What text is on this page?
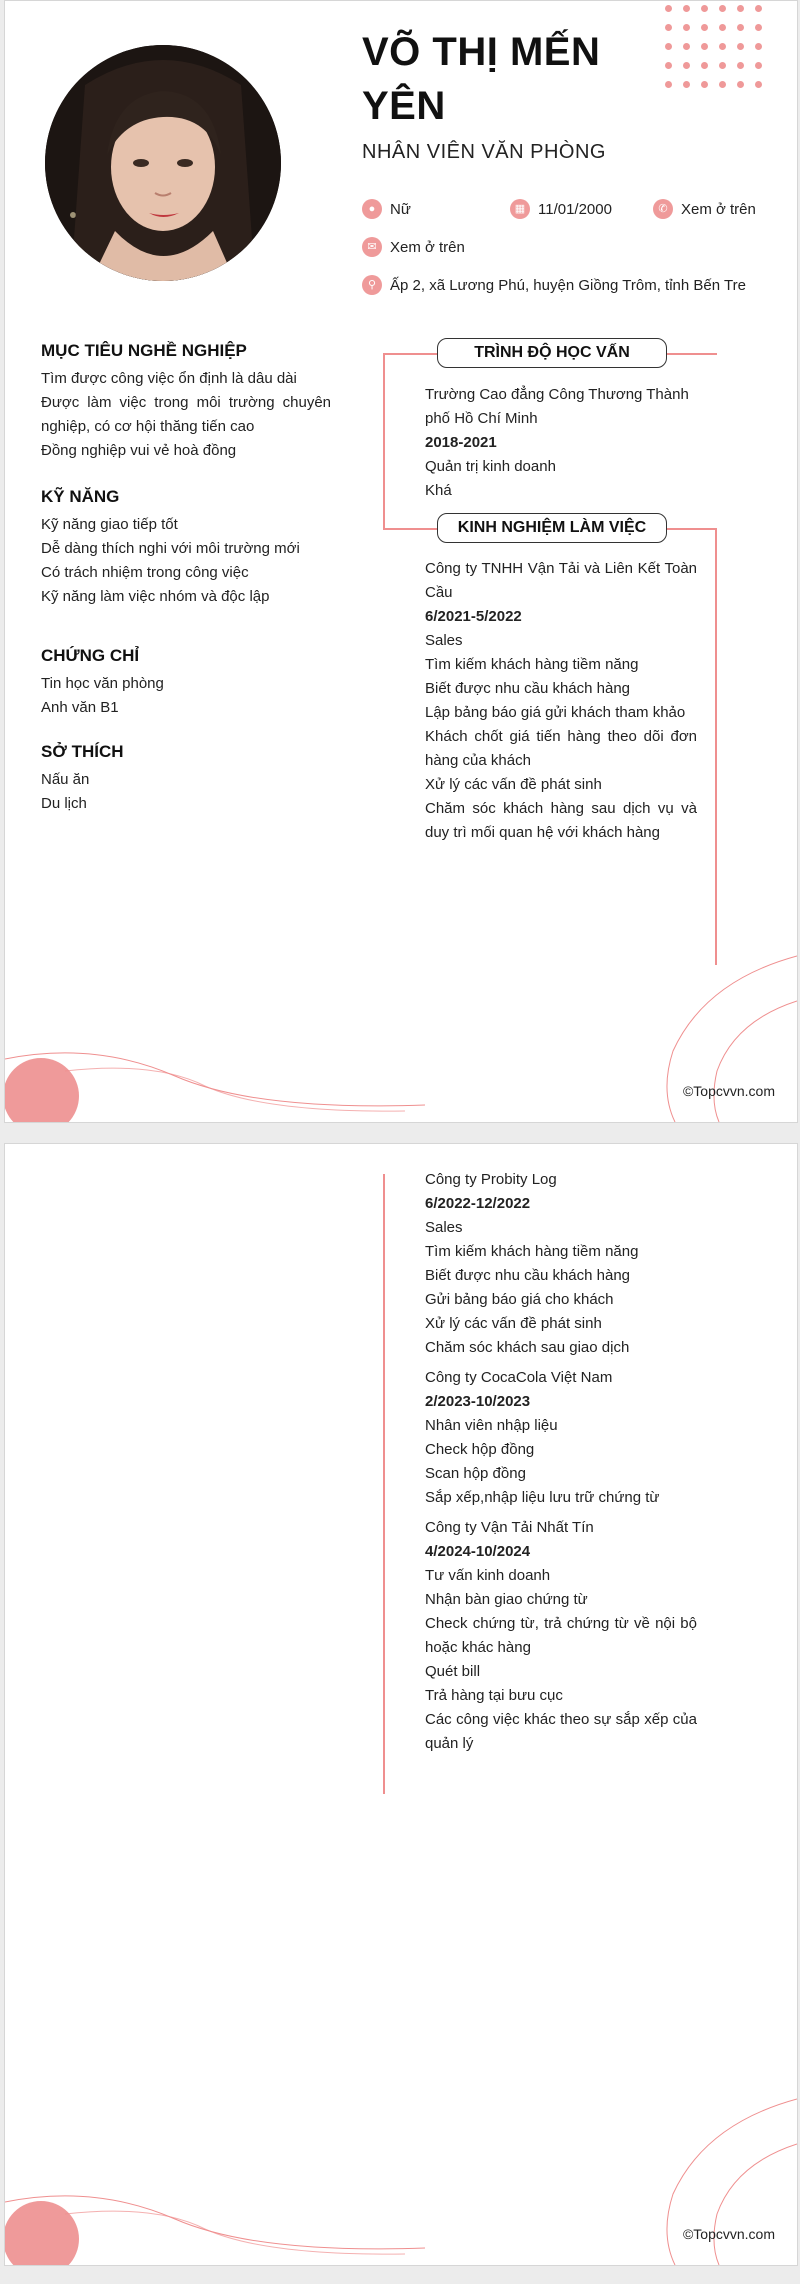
VÕ THỊ MẾN
YÊN
NHÂN VIÊN VĂN PHÒNG
● Nữ	▦ 11/01/2000	✆ Xem ở trên
✉ Xem ở trên
⚲ Ấp 2, xã Lương Phú, huyện Giồng Trôm, tỉnh Bến Tre
MỤC TIÊU NGHỀ NGHIỆP
Tìm được công việc ổn định là dâu dài
Được làm việc trong môi trường chuyên nghiệp, có cơ hội thăng tiến cao
Đồng nghiệp vui vẻ hoà đồng
KỸ NĂNG
Kỹ năng giao tiếp tốt
Dễ dàng thích nghi với môi trường mới
Có trách nhiệm trong công việc
Kỹ năng làm việc nhóm và độc lập
CHỨNG CHỈ
Tin học văn phòng
Anh văn B1
SỞ THÍCH
Nấu ăn
Du lịch
TRÌNH ĐỘ HỌC VẤN
Trường Cao đẳng Công Thương Thành phố Hồ Chí Minh
2018-2021
Quản trị kinh doanh
Khá
KINH NGHIỆM LÀM VIỆC
Công ty TNHH Vận Tải và Liên Kết Toàn Cầu
6/2021-5/2022
Sales
Tìm kiếm khách hàng tiềm năng
Biết được nhu cầu khách hàng
Lập bảng báo giá gửi khách tham khảo
Khách chốt giá tiến hàng theo dõi đơn hàng của khách
Xử lý các vấn đề phát sinh
Chăm sóc khách hàng sau dịch vụ và duy trì mối quan hệ với khách hàng
©Topcvvn.com
Công ty Probity Log
6/2022-12/2022
Sales
Tìm kiếm khách hàng tiềm năng
Biết được nhu cầu khách hàng
Gửi bảng báo giá cho khách
Xử lý các vấn đề phát sinh
Chăm sóc khách sau giao dịch
Công ty CocaCola Việt Nam
2/2023-10/2023
Nhân viên nhập liệu
Check hộp đồng
Scan hộp đồng
Sắp xếp,nhập liệu lưu trữ chứng từ
Công ty Vận Tải Nhất Tín
4/2024-10/2024
Tư vấn kinh doanh
Nhận bàn giao chứng từ
Check chứng từ, trả chứng từ về nội bộ hoặc khác hàng
Quét bill
Trả hàng tại bưu cục
Các công việc khác theo sự sắp xếp của quản lý
©Topcvvn.com
